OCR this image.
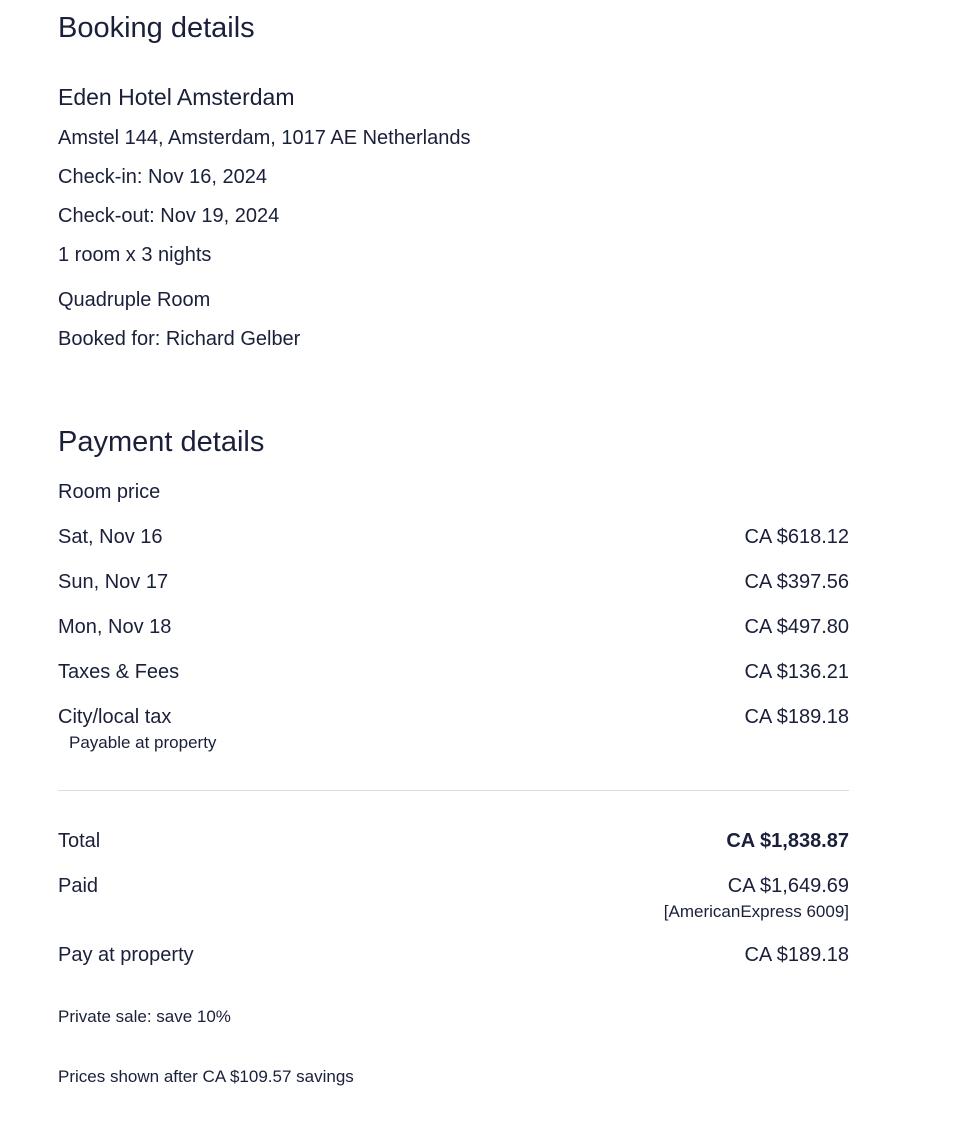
Booking details
Eden Hotel Amsterdam
Amstel 144, Amsterdam, 1017 AE Netherlands
Check-in: Nov 16, 2024
Check-out: Nov 19, 2024
1 room x 3 nights
Quadruple Room
Booked for: Richard Gelber
Payment details
Room price
Sat, Nov 16	CA $618.12
Sun, Nov 17	CA $397.56
Mon, Nov 18	CA $497.80
Taxes & Fees	CA $136.21
City/local tax	CA $189.18
Payable at property
Total	CA $1,838.87
Paid	CA $1,649.69
[AmericanExpress 6009]
Pay at property	CA $189.18
Private sale: save 10%
Prices shown after CA $109.57 savings
